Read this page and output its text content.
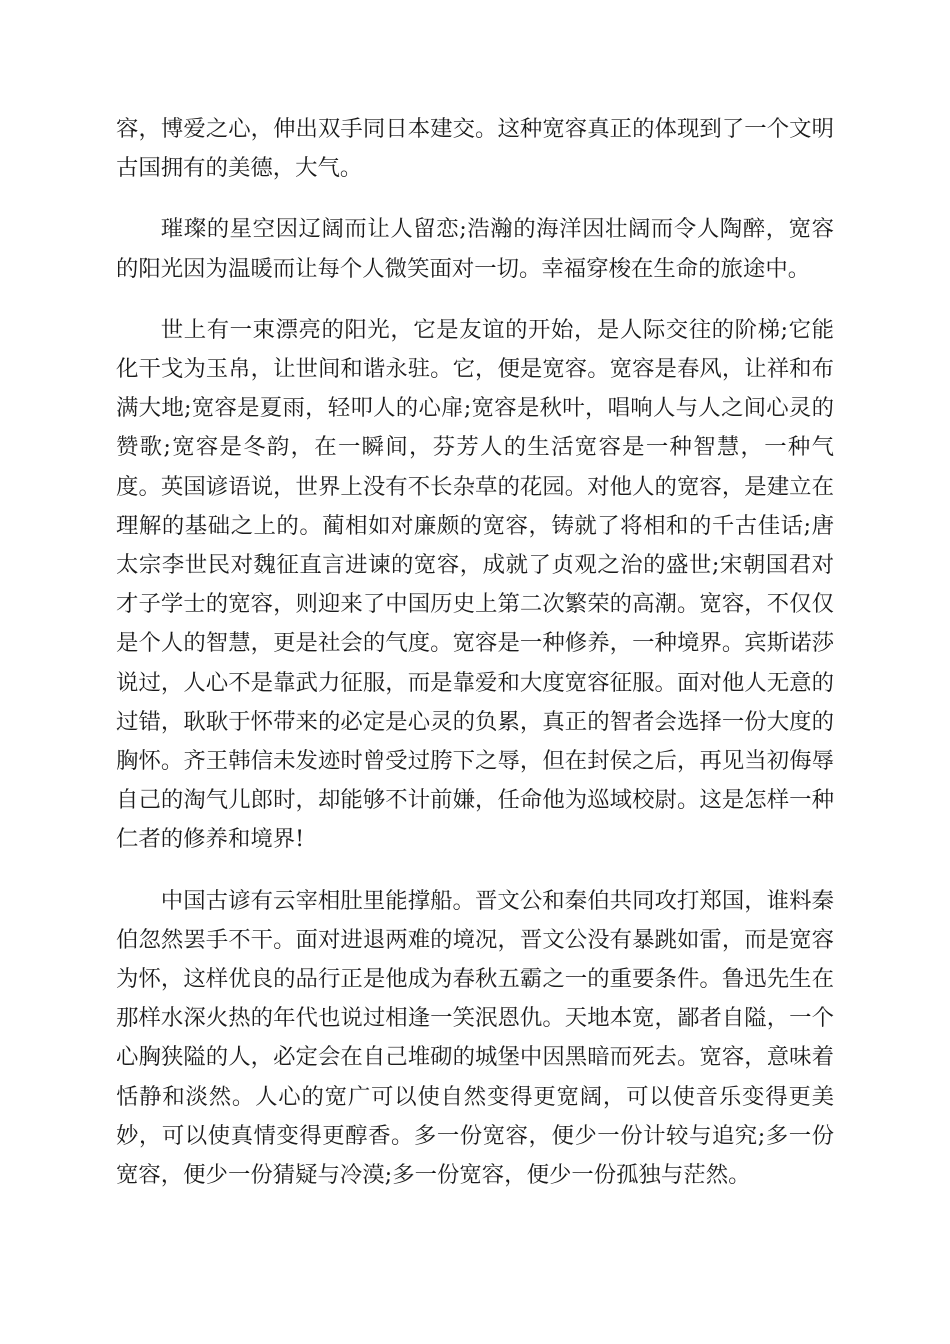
容，博爱之心，伸出双手同日本建交。这种宽容真正的体现到了一个文明古国拥有的美德，大气。

璀璨的星空因辽阔而让人留恋;浩瀚的海洋因壮阔而令人陶醉，宽容的阳光因为温暖而让每个人微笑面对一切。幸福穿梭在生命的旅途中。

世上有一束漂亮的阳光，它是友谊的开始，是人际交往的阶梯;它能化干戈为玉帛，让世间和谐永驻。它，便是宽容。宽容是春风，让祥和布满大地;宽容是夏雨，轻叩人的心扉;宽容是秋叶，唱响人与人之间心灵的赞歌;宽容是冬韵，在一瞬间，芬芳人的生活宽容是一种智慧，一种气度。英国谚语说，世界上没有不长杂草的花园。对他人的宽容，是建立在理解的基础之上的。蔺相如对廉颇的宽容，铸就了将相和的千古佳话;唐太宗李世民对魏征直言进谏的宽容，成就了贞观之治的盛世;宋朝国君对才子学士的宽容，则迎来了中国历史上第二次繁荣的高潮。宽容，不仅仅是个人的智慧，更是社会的气度。宽容是一种修养，一种境界。宾斯诺莎说过，人心不是靠武力征服，而是靠爱和大度宽容征服。面对他人无意的过错，耿耿于怀带来的必定是心灵的负累，真正的智者会选择一份大度的胸怀。齐王韩信未发迹时曾受过胯下之辱，但在封侯之后，再见当初侮辱自己的淘气儿郎时，却能够不计前嫌，任命他为巡域校尉。这是怎样一种仁者的修养和境界!

中国古谚有云宰相肚里能撑船。晋文公和秦伯共同攻打郑国，谁料秦伯忽然罢手不干。面对进退两难的境况，晋文公没有暴跳如雷，而是宽容为怀，这样优良的品行正是他成为春秋五霸之一的重要条件。鲁迅先生在那样水深火热的年代也说过相逢一笑泯恩仇。天地本宽，鄙者自隘，一个心胸狭隘的人，必定会在自己堆砌的城堡中因黑暗而死去。宽容，意味着恬静和淡然。人心的宽广可以使自然变得更宽阔，可以使音乐变得更美妙，可以使真情变得更醇香。多一份宽容，便少一份计较与追究;多一份宽容，便少一份猜疑与冷漠;多一份宽容，便少一份孤独与茫然。
